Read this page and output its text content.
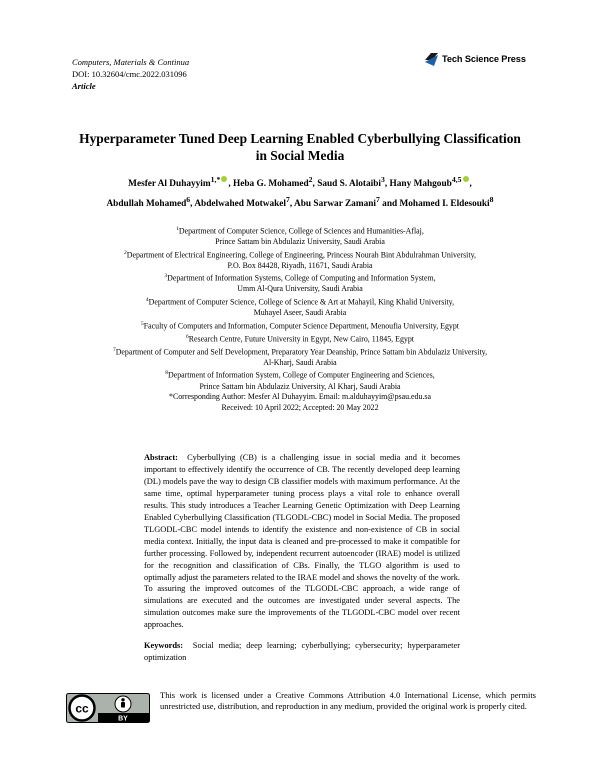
Computers, Materials & Continua
DOI: 10.32604/cmc.2022.031096
Article
Tech Science Press
Hyperparameter Tuned Deep Learning Enabled Cyberbullying Classification
in Social Media
Mesfer Al Duhayyim$^{1,*}$ , Heba G. Mohamed$^2$, Saud S. Alotaibi$^3$, Hany Mahgoub$^{4,5}$ ,
Abdullah Mohamed$^6$, Abdelwahed Motwakel$^7$, Abu Sarwar Zamani$^7$ and Mohamed I. Eldesouki$^8$
$^1$Department of Computer Science, College of Sciences and Humanities-Aflaj,
Prince Sattam bin Abdulaziz University, Saudi Arabia
$^2$Department of Electrical Engineering, College of Engineering, Princess Nourah Bint Abdulrahman University,
P.O. Box 84428, Riyadh, 11671, Saudi Arabia
$^3$Department of Information Systems, College of Computing and Information System,
Umm Al-Qura University, Saudi Arabia
$^4$Department of Computer Science, College of Science & Art at Mahayil, King Khalid University,
Muhayel Aseer, Saudi Arabia
$^5$Faculty of Computers and Information, Computer Science Department, Menoufia University, Egypt
$^6$Research Centre, Future University in Egypt, New Cairo, 11845, Egypt
$^7$Department of Computer and Self Development, Preparatory Year Deanship, Prince Sattam bin Abdulaziz University,
Al-Kharj, Saudi Arabia
$^8$Department of Information System, College of Computer Engineering and Sciences,
Prince Sattam bin Abdulaziz University, Al Kharj, Saudi Arabia
*Corresponding Author: Mesfer Al Duhayyim. Email: m.alduhayyim@psau.edu.sa
Received: 10 April 2022; Accepted: 20 May 2022
Abstract: Cyberbullying (CB) is a challenging issue in social media and it becomes important to effectively identify the occurrence of CB. The recently developed deep learning (DL) models pave the way to design CB classifier models with maximum performance. At the same time, optimal hyperparameter tuning process plays a vital role to enhance overall results. This study introduces a Teacher Learning Genetic Optimization with Deep Learning Enabled Cyberbullying Classification (TLGODL-CBC) model in Social Media. The proposed TLGODL-CBC model intends to identify the existence and non-existence of CB in social media context. Initially, the input data is cleaned and pre-processed to make it compatible for further processing. Followed by, independent recurrent autoencoder (IRAE) model is utilized for the recognition and classification of CBs. Finally, the TLGO algorithm is used to optimally adjust the parameters related to the IRAE model and shows the novelty of the work. To assuring the improved outcomes of the TLGODL-CBC approach, a wide range of simulations are executed and the outcomes are investigated under several aspects. The simulation outcomes make sure the improvements of the TLGODL-CBC model over recent approaches.
Keywords: Social media; deep learning; cyberbullying; cybersecurity; hyperparameter optimization
cc
BY
This work is licensed under a Creative Commons Attribution 4.0 International License, which permits unrestricted use, distribution, and reproduction in any medium, provided the original work is properly cited.
